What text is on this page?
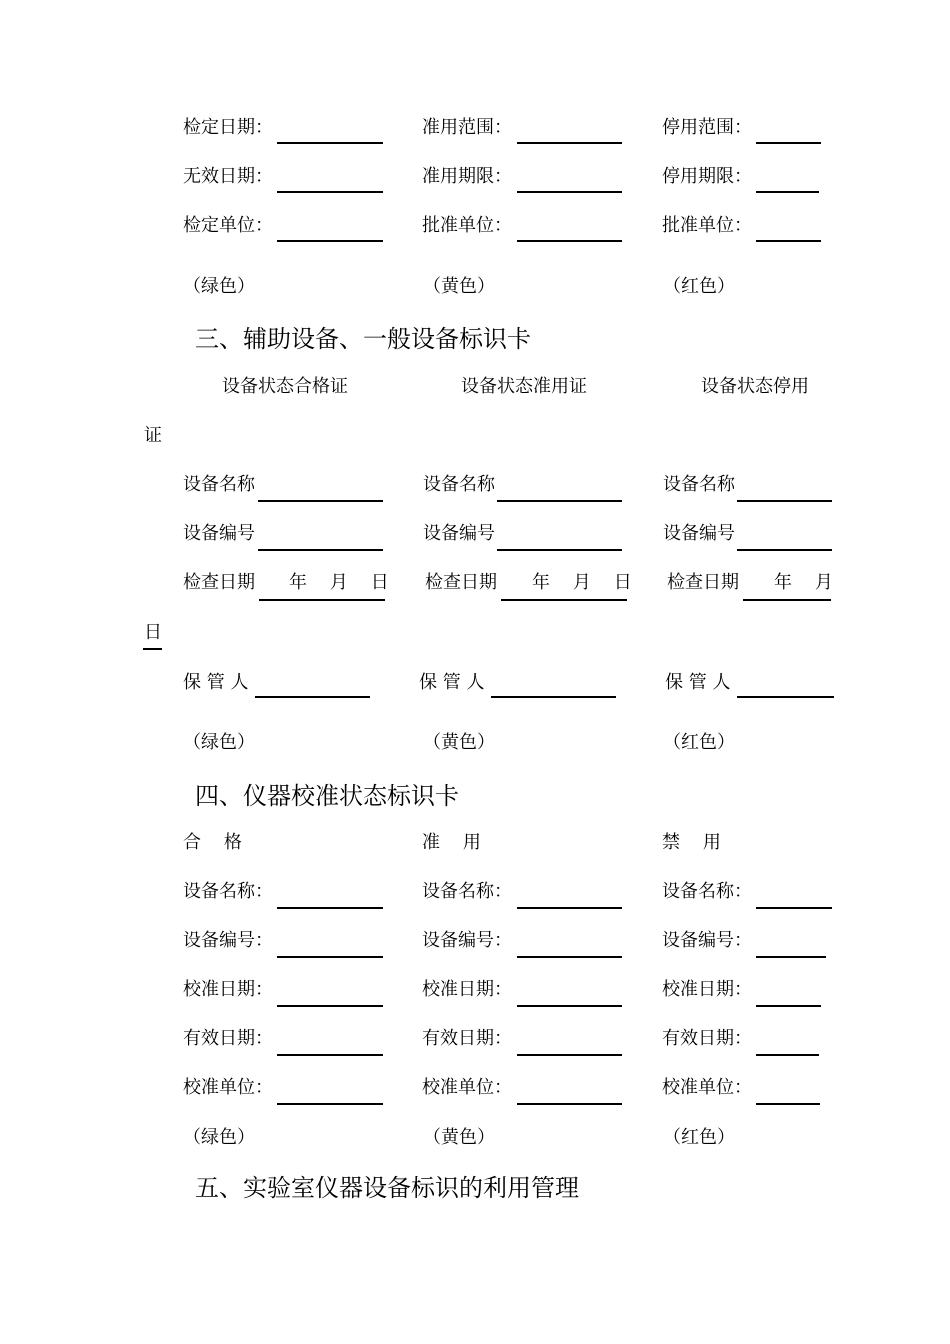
检定日期：	准用范围：	停用范围：
无效日期：	准用期限：	停用期限：
检定单位：	批准单位：	批准单位：
（绿色）	（黄色）	（红色）
三、辅助设备、一般设备标识卡
设备状态合格证	设备状态准用证	设备状态停用
证
设备名称	设备名称	设备名称
设备编号	设备编号	设备编号
检查日期 年    月    日 检查日期 年    月    日 检查日期 年    月
日
保 管 人	保 管 人	保 管 人
（绿色）	（黄色）	（红色）
四、仪器校准状态标识卡
合    格	准    用	禁    用
设备名称：	设备名称：	设备名称：
设备编号：	设备编号：	设备编号：
校准日期：	校准日期：	校准日期：
有效日期：	有效日期：	有效日期：
校准单位：	校准单位：	校准单位：
（绿色）	（黄色）	（红色）
五、实验室仪器设备标识的利用管理
